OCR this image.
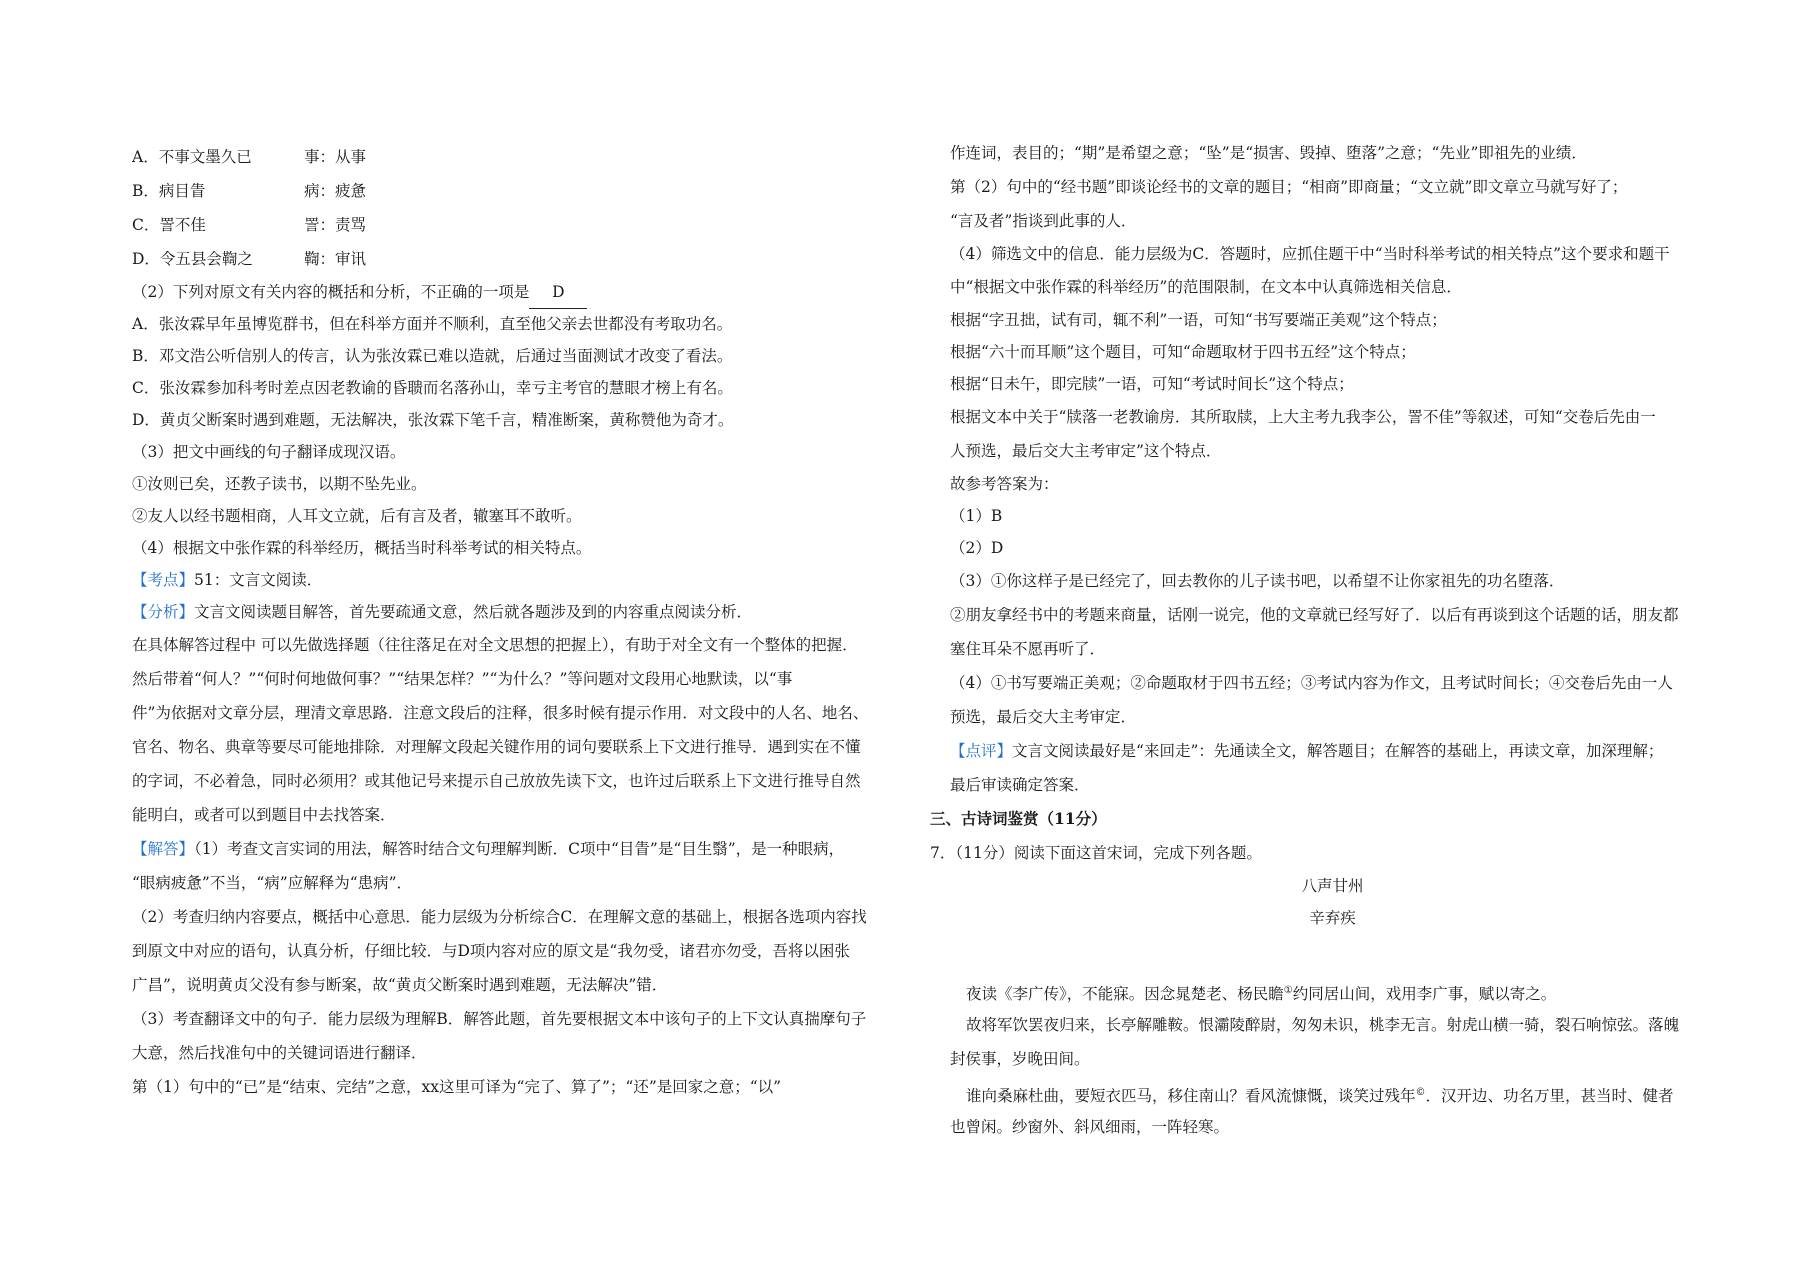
A．不事文墨久已	事：从事
B．病目眚	病：疲惫
C．詈不佳	詈：责骂
D．令五县会鞫之	鞫：审讯
（2）下列对原文有关内容的概括和分析，不正确的一项是 D
A．张汝霖早年虽博览群书，但在科举方面并不顺利，直至他父亲去世都没有考取功名。
B．邓文浩公听信别人的传言，认为张汝霖已难以造就，后通过当面测试才改变了看法。
C．张汝霖参加科考时差点因老教谕的昏聩而名落孙山，幸亏主考官的慧眼才榜上有名。
D．黄贞父断案时遇到难题，无法解决，张汝霖下笔千言，精准断案，黄称赞他为奇才。
（3）把文中画线的句子翻译成现汉语。
①汝则已矣，还教子读书，以期不坠先业。
②友人以经书题相商，人耳文立就，后有言及者，辙塞耳不敢听。
（4）根据文中张作霖的科举经历，概括当时科举考试的相关特点。
【考点】51：文言文阅读．
【分析】文言文阅读题目解答，首先要疏通文意，然后就各题涉及到的内容重点阅读分析．
在具体解答过程中 可以先做选择题（往往落足在对全文思想的把握上），有助于对全文有一个整体的把握．
然后带着“何人？”“何时何地做何事？”“结果怎样？”“为什么？”等问题对文段用心地默读，以“事
件”为依据对文章分层，理清文章思路．注意文段后的注释，很多时候有提示作用．对文段中的人名、地名、
官名、物名、典章等要尽可能地排除．对理解文段起关键作用的词句要联系上下文进行推导．遇到实在不懂
的字词，不必着急，同时必须用？或其他记号来提示自己放放先读下文，也许过后联系上下文进行推导自然
能明白，或者可以到题目中去找答案．
【解答】（1）考查文言实词的用法，解答时结合文句理解判断．C项中“目眚”是“目生翳”，是一种眼病，
“眼病疲惫”不当，“病”应解释为“患病”．
（2）考查归纳内容要点，概括中心意思．能力层级为分析综合C．在理解文意的基础上，根据各选项内容找
到原文中对应的语句，认真分析，仔细比较．与D项内容对应的原文是“我勿受，诸君亦勿受，吾将以困张
广昌”，说明黄贞父没有参与断案，故“黄贞父断案时遇到难题，无法解决”错．
（3）考查翻译文中的句子．能力层级为理解B．解答此题，首先要根据文本中该句子的上下文认真揣摩句子
大意，然后找准句中的关键词语进行翻译．
第（1）句中的“已”是“结束、完结”之意，xx这里可译为“完了、算了”；“还”是回家之意；“以”
作连词，表目的；“期”是希望之意；“坠”是“损害、毁掉、堕落”之意；“先业”即祖先的业绩．
第（2）句中的“经书题”即谈论经书的文章的题目；“相商”即商量；“文立就”即文章立马就写好了；
“言及者”指谈到此事的人．
（4）筛选文中的信息．能力层级为C．答题时，应抓住题干中“当时科举考试的相关特点”这个要求和题干
中“根据文中张作霖的科举经历”的范围限制，在文本中认真筛选相关信息．
根据“字丑拙，试有司，辄不利”一语，可知“书写要端正美观”这个特点；
根据“六十而耳顺”这个题目，可知“命题取材于四书五经”这个特点；
根据“日未午，即完牍”一语，可知“考试时间长”这个特点；
根据文本中关于“牍落一老教谕房．其所取牍，上大主考九我李公，詈不佳”等叙述，可知“交卷后先由一
人预选，最后交大主考审定”这个特点．
故参考答案为：
（1）B
（2）D
（3）①你这样子是已经完了，回去教你的儿子读书吧，以希望不让你家祖先的功名堕落．
②朋友拿经书中的考题来商量，话刚一说完，他的文章就已经写好了．以后有再谈到这个话题的话，朋友都
塞住耳朵不愿再听了．
（4）①书写要端正美观；②命题取材于四书五经；③考试内容为作文，且考试时间长；④交卷后先由一人
预选，最后交大主考审定．
【点评】文言文阅读最好是“来回走”：先通读全文，解答题目；在解答的基础上，再读文章，加深理解；
最后审读确定答案．
三、古诗词鉴赏（11分）
7．（11分）阅读下面这首宋词，完成下列各题。
八声甘州
辛弃疾
夜读《李广传》，不能寐。因念晁楚老、杨民瞻①约同居山间，戏用李广事，赋以寄之。
故将军饮罢夜归来，长亭解雕鞍。恨灞陵醉尉，匆匆未识，桃李无言。射虎山横一骑，裂石响惊弦。落魄
封侯事，岁晚田间。
谁向桑麻杜曲，要短衣匹马，移住南山？看风流慷慨，谈笑过残年©．汉开边、功名万里，甚当时、健者
也曾闲。纱窗外、斜风细雨，一阵轻寒。
